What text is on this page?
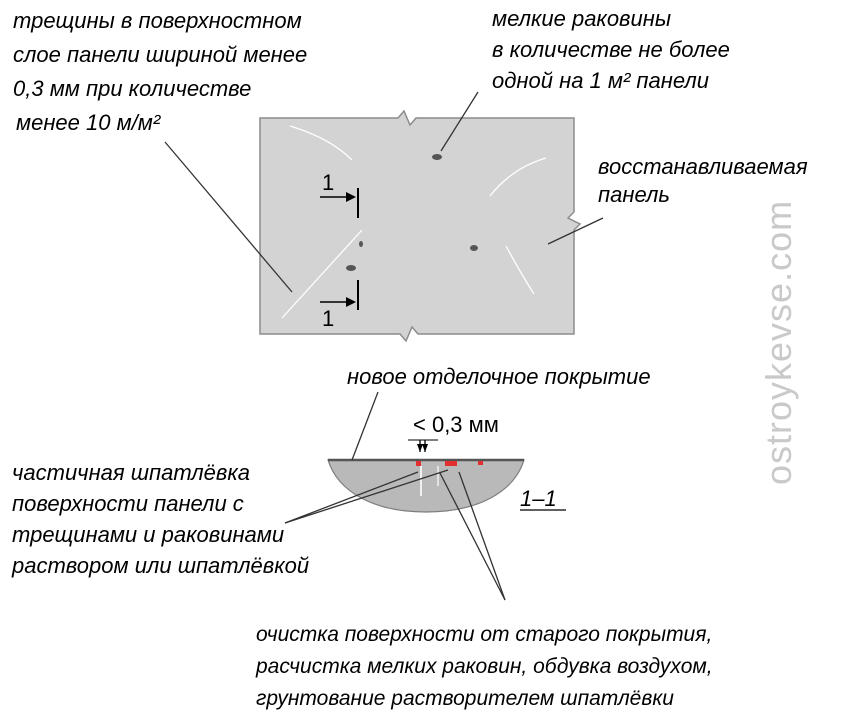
трещины в поверхностном
слое панели шириной менее
0,3 мм при количестве
менее 10 м/м²
мелкие раковины
в количестве не более
одной на 1 м² панели
восстанавливаемая
панель
1
1
новое отделочное покрытие
< 0,3 мм
1–1
частичная шпатлёвка
поверхности панели с
трещинами и раковинами
раствором или шпатлёвкой
очистка поверхности от старого покрытия,
расчистка мелких раковин, обдувка воздухом,
грунтование растворителем шпатлёвки
ostroykevse.com
